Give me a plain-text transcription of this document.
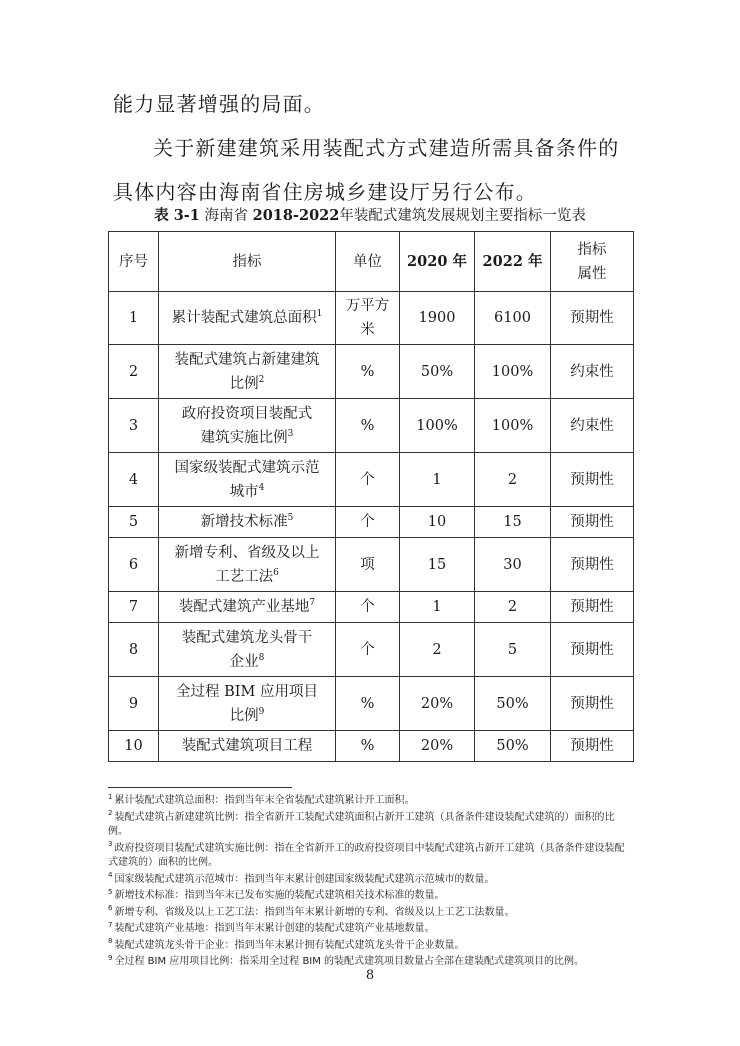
能力显著增强的局面。

关于新建建筑采用装配式方式建造所需具备条件的具体内容由海南省住房城乡建设厅另行公布。

表 3-1 海南省 2018-2022年装配式建筑发展规划主要指标一览表
序号	指标	单位	2020 年	2022 年	指标
属性

1	累计装配式建筑总面积$^1$	万平方米	1900	6100	预期性
2	装配式建筑占新建建筑
比例$^2$	%	50%	100%	约束性
3	政府投资项目装配式
建筑实施比例$^3$	%	100%	100%	约束性
4	国家级装配式建筑示范
城市$^4$	个	1	2	预期性
5	新增技术标准$^5$	个	10	15	预期性
6	新增专利、省级及以上
工艺工法$^6$	项	15	30	预期性
7	装配式建筑产业基地$^7$	个	1	2	预期性
8	装配式建筑龙头骨干
企业$^8$	个	2	5	预期性
9	全过程 BIM 应用项目
比例$^9$	%	20%	50%	预期性
10	装配式建筑项目工程	%	20%	50%	预期性

$^1$ 累计装配式建筑总面积：指到当年末全省装配式建筑累计开工面积。

$^2$ 装配式建筑占新建建筑比例：指全省新开工装配式建筑面积占新开工建筑（具备条件建设装配式建筑的）面积的比例。

$^3$ 政府投资项目装配式建筑实施比例：指在全省新开工的政府投资项目中装配式建筑占新开工建筑（具备条件建设装配式建筑的）面积的比例。

$^4$ 国家级装配式建筑示范城市：指到当年末累计创建国家级装配式建筑示范城市的数量。

$^5$ 新增技术标准：指到当年末已发布实施的装配式建筑相关技术标准的数量。

$^6$ 新增专利、省级及以上工艺工法：指到当年末累计新增的专利、省级及以上工艺工法数量。

$^7$ 装配式建筑产业基地：指到当年末累计创建的装配式建筑产业基地数量。

$^8$ 装配式建筑龙头骨干企业：指到当年末累计拥有装配式建筑龙头骨干企业数量。

$^9$ 全过程 BIM 应用项目比例：指采用全过程 BIM 的装配式建筑项目数量占全部在建装配式建筑项目的比例。

8
